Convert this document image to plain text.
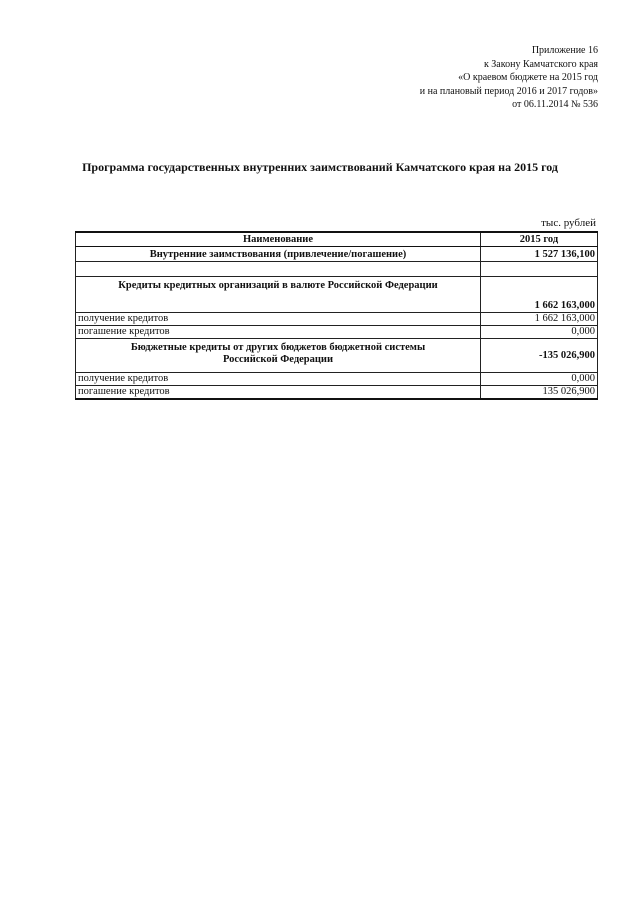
Приложение 16
к Закону Камчатского края
«О краевом бюджете на 2015 год
и на плановый период 2016 и 2017 годов»
от 06.11.2014 № 536
Программа государственных внутренних заимствований Камчатского края на 2015 год
тыс. рублей
Наименование	2015 год
Внутренние заимствования (привлечение/погашение)	1 527 136,100

Кредиты кредитных организаций в валюте Российской Федерации	1 662 163,000
получение кредитов	1 662 163,000
погашение кредитов	0,000

Бюджетные кредиты от других бюджетов бюджетной системы
Российской Федерации	-135 026,900
получение кредитов	0,000
погашение кредитов	135 026,900
